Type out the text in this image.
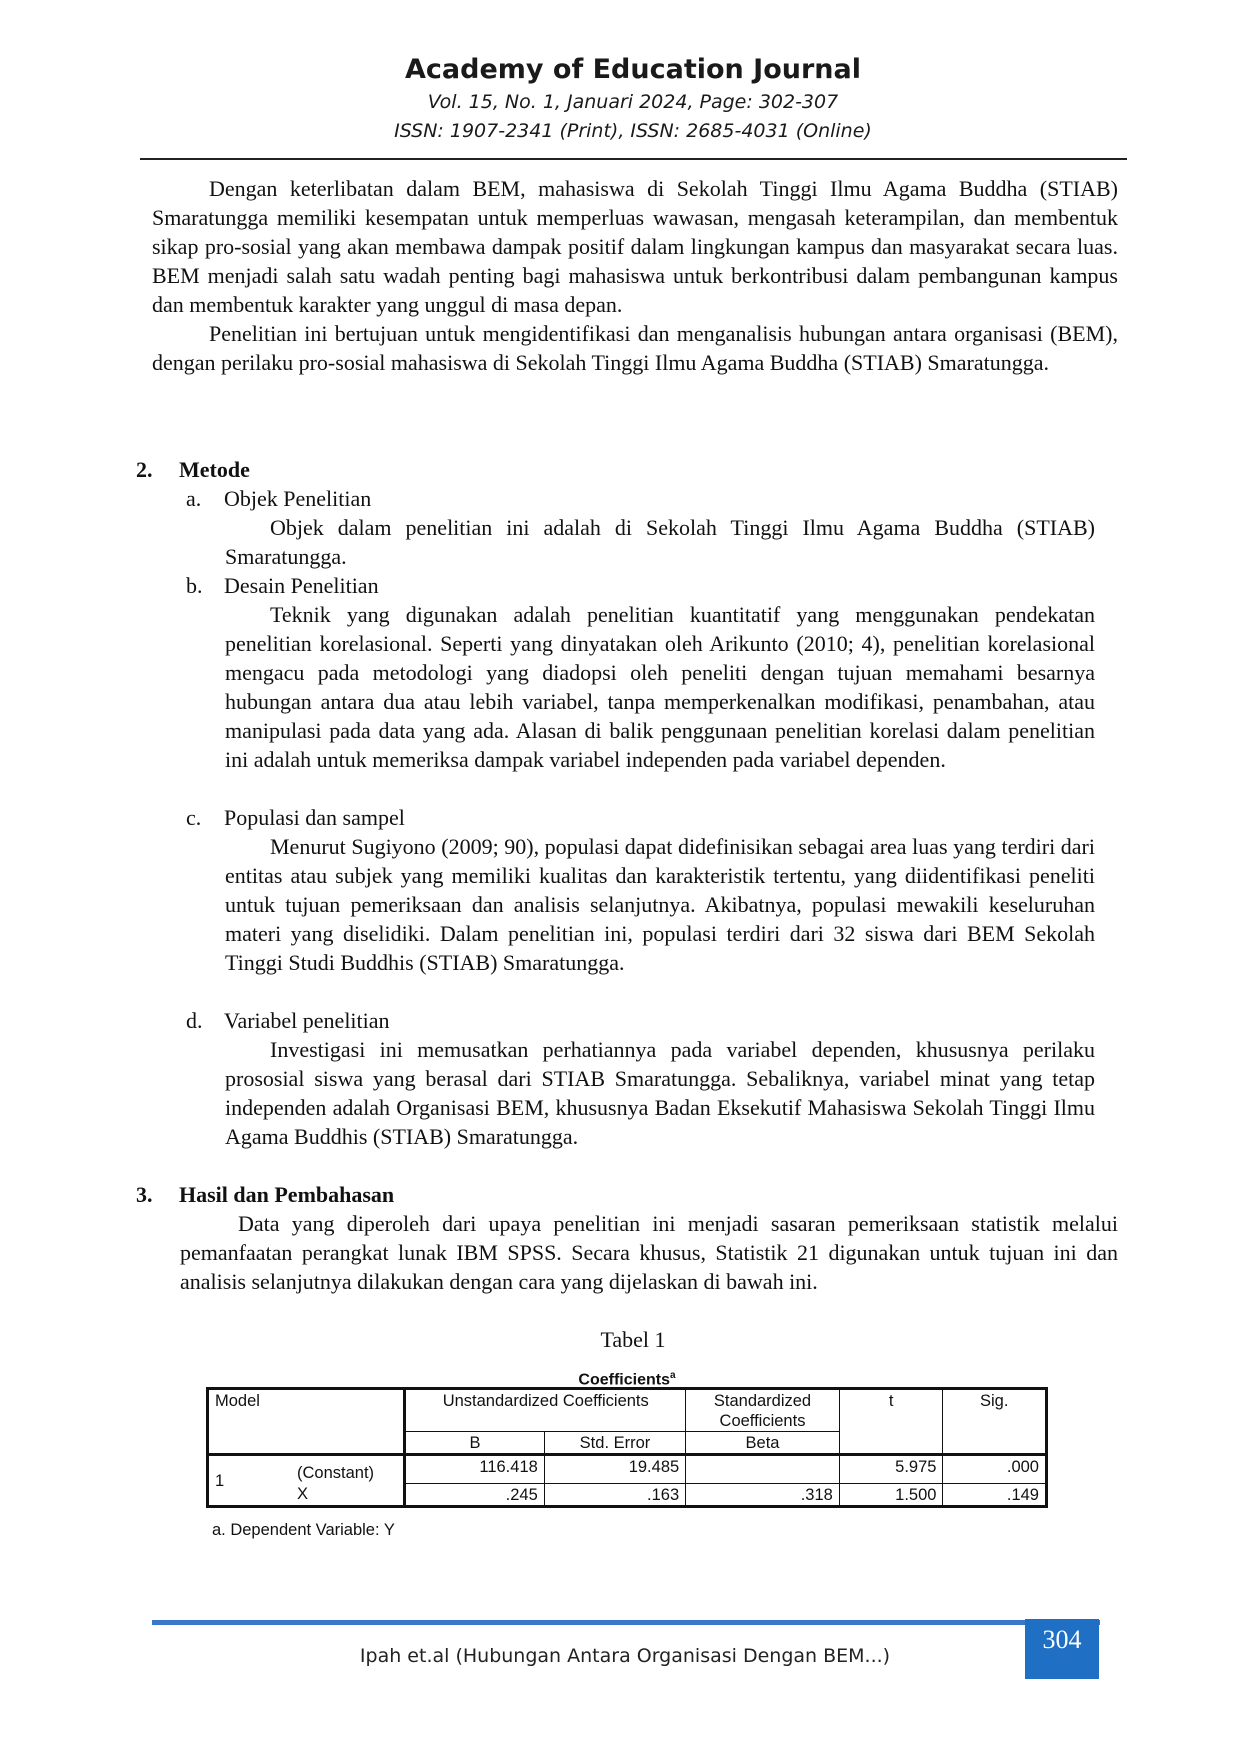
Academy of Education Journal
Vol. 15, No. 1, Januari 2024, Page: 302-307
ISSN: 1907-2341 (Print), ISSN: 2685-4031 (Online)

Dengan keterlibatan dalam BEM, mahasiswa di Sekolah Tinggi Ilmu Agama Buddha (STIAB) Smaratungga memiliki kesempatan untuk memperluas wawasan, mengasah keterampilan, dan membentuk sikap pro-sosial yang akan membawa dampak positif dalam lingkungan kampus dan masyarakat secara luas. BEM menjadi salah satu wadah penting bagi mahasiswa untuk berkontribusi dalam pembangunan kampus dan membentuk karakter yang unggul di masa depan.

Penelitian ini bertujuan untuk mengidentifikasi dan menganalisis hubungan antara organisasi (BEM), dengan perilaku pro-sosial mahasiswa di Sekolah Tinggi Ilmu Agama Buddha (STIAB) Smaratungga.

2. Metode
a. Objek Penelitian

Objek dalam penelitian ini adalah di Sekolah Tinggi Ilmu Agama Buddha (STIAB) Smaratungga.

b. Desain Penelitian

Teknik yang digunakan adalah penelitian kuantitatif yang menggunakan pendekatan penelitian korelasional. Seperti yang dinyatakan oleh Arikunto (2010; 4), penelitian korelasional mengacu pada metodologi yang diadopsi oleh peneliti dengan tujuan memahami besarnya hubungan antara dua atau lebih variabel, tanpa memperkenalkan modifikasi, penambahan, atau manipulasi pada data yang ada. Alasan di balik penggunaan penelitian korelasi dalam penelitian ini adalah untuk memeriksa dampak variabel independen pada variabel dependen.

c. Populasi dan sampel

Menurut Sugiyono (2009; 90), populasi dapat didefinisikan sebagai area luas yang terdiri dari entitas atau subjek yang memiliki kualitas dan karakteristik tertentu, yang diidentifikasi peneliti untuk tujuan pemeriksaan dan analisis selanjutnya. Akibatnya, populasi mewakili keseluruhan materi yang diselidiki. Dalam penelitian ini, populasi terdiri dari 32 siswa dari BEM Sekolah Tinggi Studi Buddhis (STIAB) Smaratungga.

d. Variabel penelitian

Investigasi ini memusatkan perhatiannya pada variabel dependen, khususnya perilaku prososial siswa yang berasal dari STIAB Smaratungga. Sebaliknya, variabel minat yang tetap independen adalah Organisasi BEM, khususnya Badan Eksekutif Mahasiswa Sekolah Tinggi Ilmu Agama Buddhis (STIAB) Smaratungga.

3. Hasil dan Pembahasan

Data yang diperoleh dari upaya penelitian ini menjadi sasaran pemeriksaan statistik melalui pemanfaatan perangkat lunak IBM SPSS. Secara khusus, Statistik 21 digunakan untuk tujuan ini dan analisis selanjutnya dilakukan dengan cara yang dijelaskan di bawah ini.

Tabel 1
Coefficients$^a$
Model		Unstandardized Coefficients		Standardized Coefficients	t	Sig.
		B	Std. Error	Beta		
1	(Constant)	116.418	19.485		5.975	.000
	X	.245	.163	.318	1.500	.149
a. Dependent Variable: Y
Ipah et.al (Hubungan Antara Organisasi Dengan BEM...)
304
